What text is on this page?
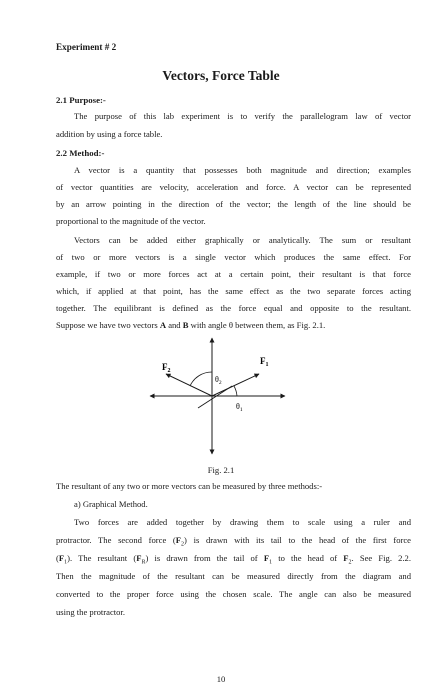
Experiment # 2
Vectors, Force Table
2.1 Purpose:-
The purpose of this lab experiment is to verify the parallelogram law of vector
addition by using a force table.
2.2 Method:-
A vector is a quantity that possesses both magnitude and direction; examples
of vector quantities are velocity, acceleration and force. A vector can be represented
by an arrow pointing in the direction of the vector; the length of the line should be
proportional to the magnitude of the vector.
Vectors can be added either graphically or analytically. The sum or resultant
of two or more vectors is a single vector which produces the same effect. For
example, if two or more forces act at a certain point, their resultant is that force
which, if applied at that point, has the same effect as the two separate forces acting
together. The equilibrant is defined as the force equal and opposite to the resultant.
Suppose we have two vectors A and B with angle θ between them, as Fig. 2.1.
$F_2$
$F_1$
$\theta_2$
$\theta_1$
Fig. 2.1
The resultant of any two or more vectors can be measured by three methods:-
a) Graphical Method.
Two forces are added together by drawing them to scale using a ruler and
protractor. The second force $(F_2)$ is drawn with its tail to the head of the first force
$(F_1)$. The resultant $(F_R)$ is drawn from the tail of $F_1$ to the head of $F_2$. See Fig. 2.2.
Then the magnitude of the resultant can be measured directly from the diagram and
converted to the proper force using the chosen scale. The angle can also be measured
using the protractor.
10
